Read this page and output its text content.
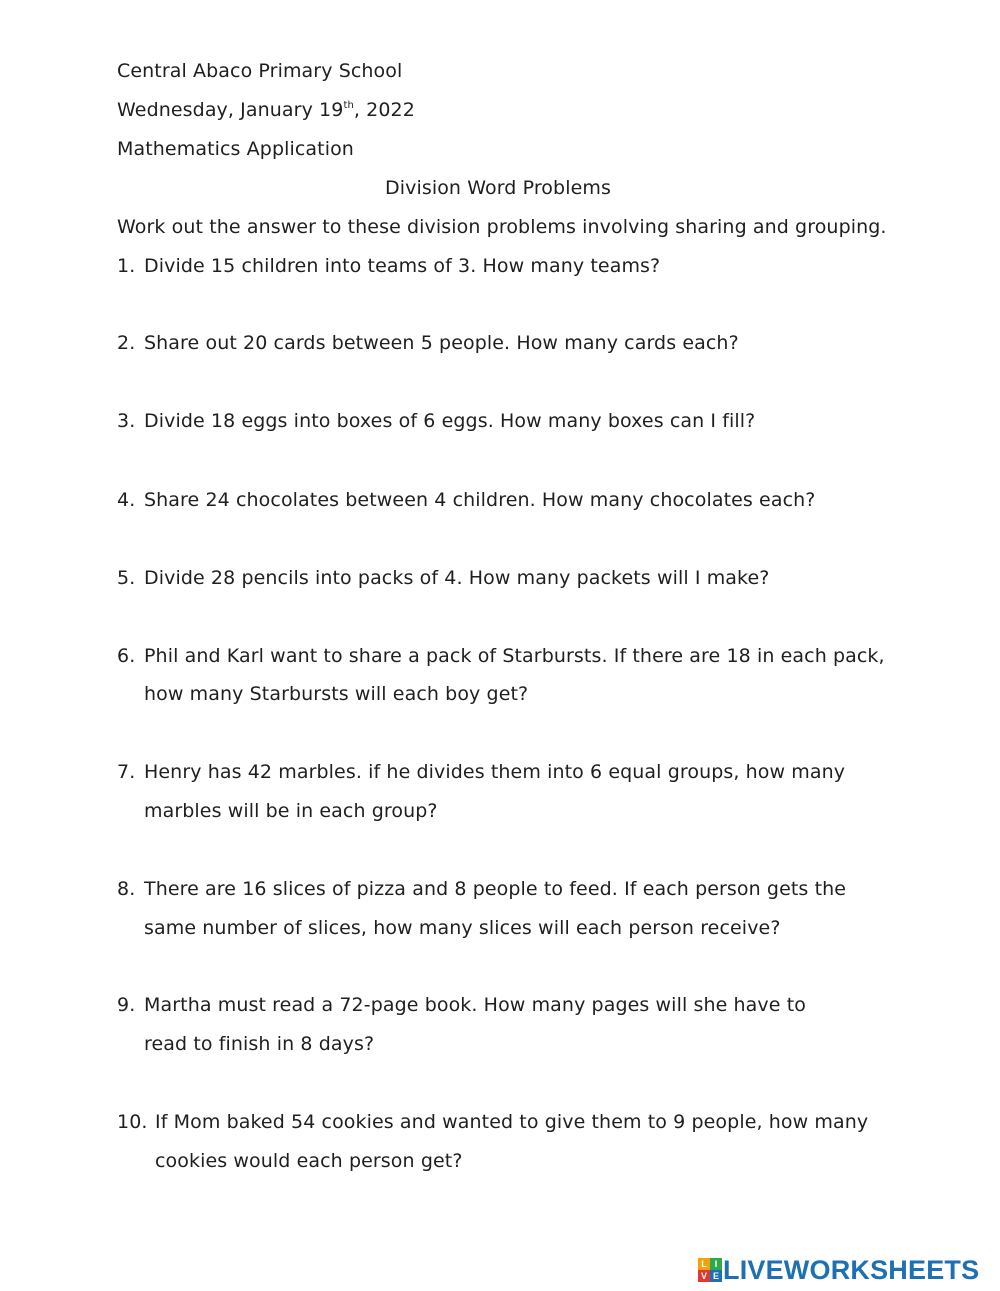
Central Abaco Primary School
Wednesday, January 19th, 2022
Mathematics Application
Division Word Problems
Work out the answer to these division problems involving sharing and grouping.
1. Divide 15 children into teams of 3. How many teams?
2. Share out 20 cards between 5 people. How many cards each?
3. Divide 18 eggs into boxes of 6 eggs. How many boxes can I fill?
4. Share 24 chocolates between 4 children. How many chocolates each?
5. Divide 28 pencils into packs of 4. How many packets will I make?
6. Phil and Karl want to share a pack of Starbursts. If there are 18 in each pack,
how many Starbursts will each boy get?
7. Henry has 42 marbles. if he divides them into 6 equal groups, how many
marbles will be in each group?
8. There are 16 slices of pizza and 8 people to feed. If each person gets the
same number of slices, how many slices will each person receive?
9. Martha must read a 72-page book. How many pages will she have to
read to finish in 8 days?
10. If Mom baked 54 cookies and wanted to give them to 9 people, how many
cookies would each person get?
L I
V E LIVEWORKSHEETS
